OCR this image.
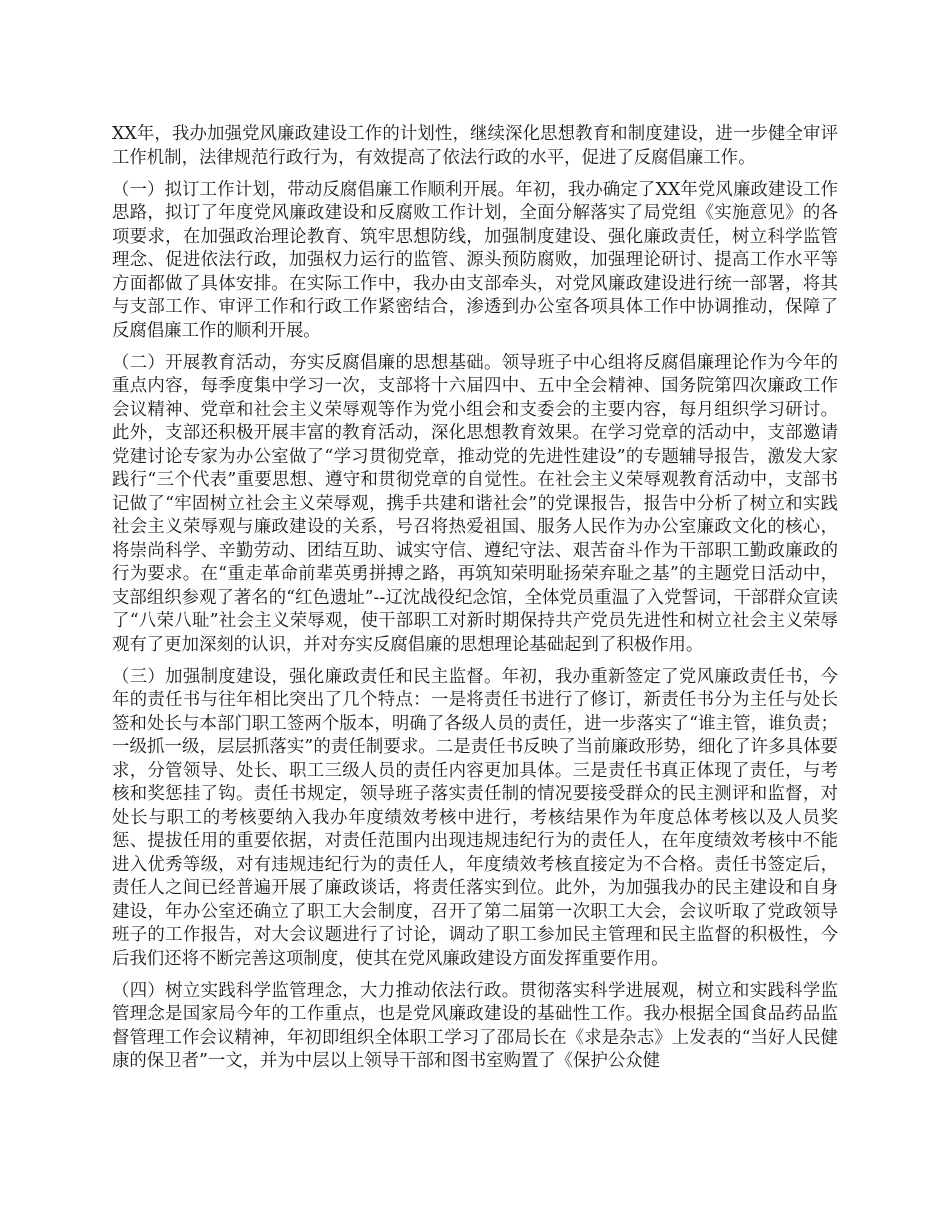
XX年，我办加强党风廉政建设工作的计划性，继续深化思想教育和制度建设，进一步健全审评工作机制，法律规范行政行为，有效提高了依法行政的水平，促进了反腐倡廉工作。

（一）拟订工作计划，带动反腐倡廉工作顺利开展。年初，我办确定了XX年党风廉政建设工作思路，拟订了年度党风廉政建设和反腐败工作计划，全面分解落实了局党组《实施意见》的各项要求，在加强政治理论教育、筑牢思想防线，加强制度建设、强化廉政责任，树立科学监管理念、促进依法行政，加强权力运行的监管、源头预防腐败，加强理论研讨、提高工作水平等方面都做了具体安排。在实际工作中，我办由支部牵头，对党风廉政建设进行统一部署，将其与支部工作、审评工作和行政工作紧密结合，渗透到办公室各项具体工作中协调推动，保障了反腐倡廉工作的顺利开展。

（二）开展教育活动，夯实反腐倡廉的思想基础。领导班子中心组将反腐倡廉理论作为今年的重点内容，每季度集中学习一次，支部将十六届四中、五中全会精神、国务院第四次廉政工作会议精神、党章和社会主义荣辱观等作为党小组会和支委会的主要内容，每月组织学习研讨。此外，支部还积极开展丰富的教育活动，深化思想教育效果。在学习党章的活动中，支部邀请党建讨论专家为办公室做了“学习贯彻党章，推动党的先进性建设”的专题辅导报告，激发大家践行“三个代表”重要思想、遵守和贯彻党章的自觉性。在社会主义荣辱观教育活动中，支部书记做了“牢固树立社会主义荣辱观，携手共建和谐社会”的党课报告，报告中分析了树立和实践社会主义荣辱观与廉政建设的关系，号召将热爱祖国、服务人民作为办公室廉政文化的核心，将崇尚科学、辛勤劳动、团结互助、诚实守信、遵纪守法、艰苦奋斗作为干部职工勤政廉政的行为要求。在“重走革命前辈英勇拼搏之路，再筑知荣明耻扬荣弃耻之基”的主题党日活动中，支部组织参观了著名的“红色遗址”--辽沈战役纪念馆，全体党员重温了入党誓词，干部群众宣读了“八荣八耻”社会主义荣辱观，使干部职工对新时期保持共产党员先进性和树立社会主义荣辱观有了更加深刻的认识，并对夯实反腐倡廉的思想理论基础起到了积极作用。

（三）加强制度建设，强化廉政责任和民主监督。年初，我办重新签定了党风廉政责任书，今年的责任书与往年相比突出了几个特点：一是将责任书进行了修订，新责任书分为主任与处长签和处长与本部门职工签两个版本，明确了各级人员的责任，进一步落实了“谁主管，谁负责；一级抓一级，层层抓落实”的责任制要求。二是责任书反映了当前廉政形势，细化了许多具体要求，分管领导、处长、职工三级人员的责任内容更加具体。三是责任书真正体现了责任，与考核和奖惩挂了钩。责任书规定，领导班子落实责任制的情况要接受群众的民主测评和监督，对处长与职工的考核要纳入我办年度绩效考核中进行，考核结果作为年度总体考核以及人员奖惩、提拔任用的重要依据，对责任范围内出现违规违纪行为的责任人，在年度绩效考核中不能进入优秀等级，对有违规违纪行为的责任人，年度绩效考核直接定为不合格。责任书签定后，责任人之间已经普遍开展了廉政谈话，将责任落实到位。此外，为加强我办的民主建设和自身建设，年办公室还确立了职工大会制度，召开了第二届第一次职工大会，会议听取了党政领导班子的工作报告，对大会议题进行了讨论，调动了职工参加民主管理和民主监督的积极性，今后我们还将不断完善这项制度，使其在党风廉政建设方面发挥重要作用。

（四）树立实践科学监管理念，大力推动依法行政。贯彻落实科学进展观，树立和实践科学监管理念是国家局今年的工作重点，也是党风廉政建设的基础性工作。我办根据全国食品药品监督管理工作会议精神，年初即组织全体职工学习了邵局长在《求是杂志》上发表的“当好人民健康的保卫者”一文，并为中层以上领导干部和图书室购置了《保护公众健
